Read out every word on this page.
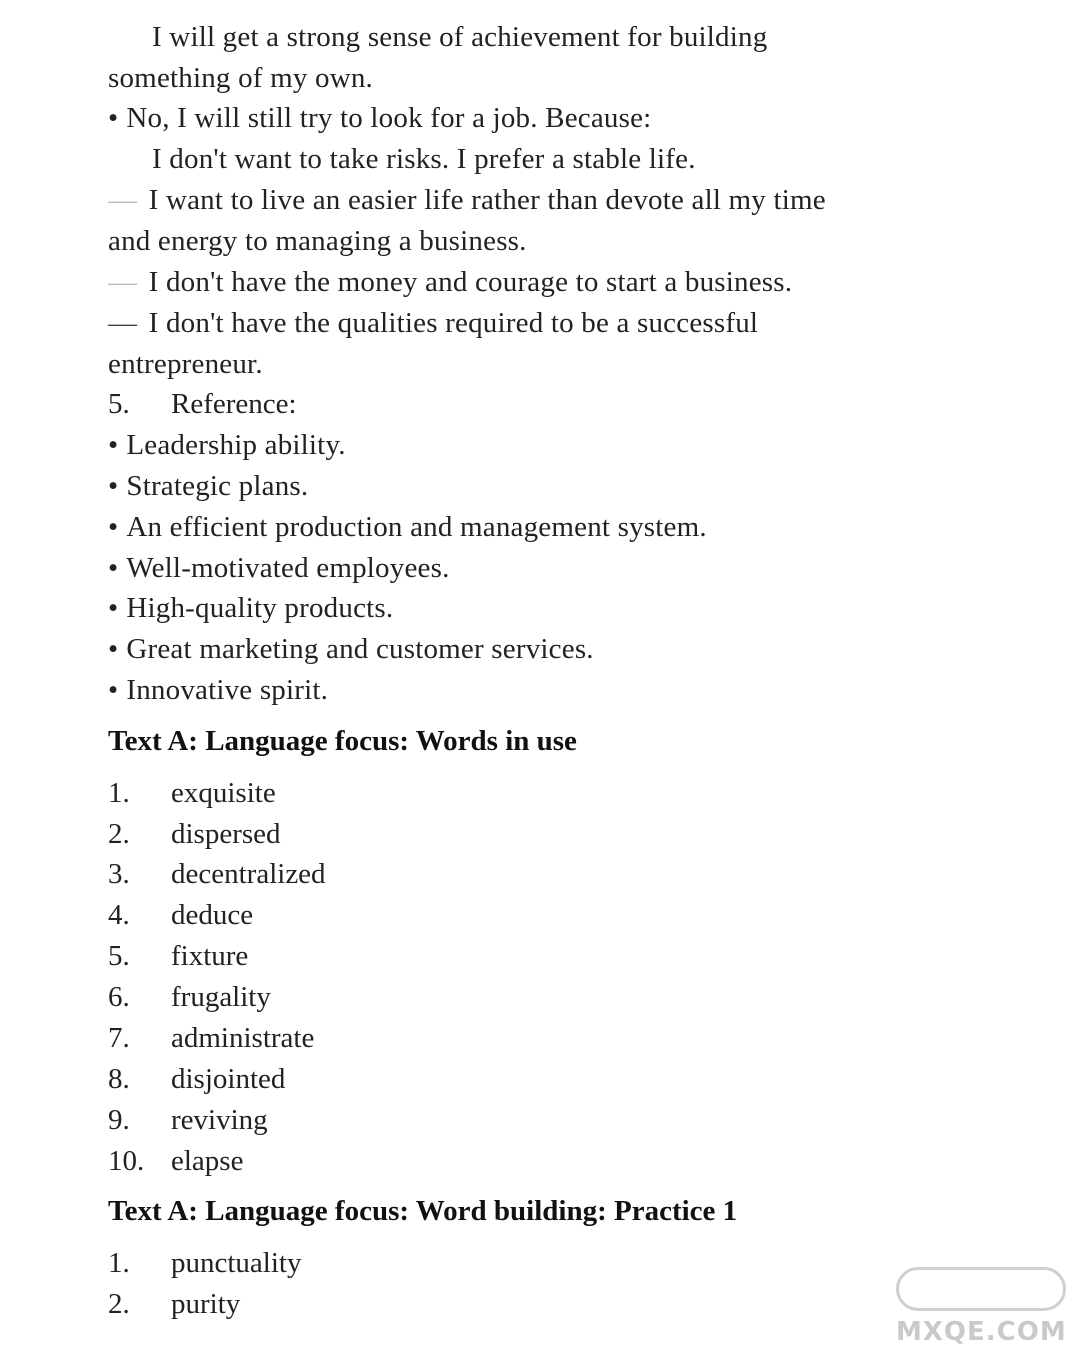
I will get a strong sense of achievement for building
something of my own.
• No, I will still try to look for a job. Because:
I don't want to take risks. I prefer a stable life.
— I want to live an easier life rather than devote all my time
and energy to managing a business.
— I don't have the money and courage to start a business.
— I don't have the qualities required to be a successful
entrepreneur.
5.	Reference:
• Leadership ability.
• Strategic plans.
• An efficient production and management system.
• Well-motivated employees.
• High-quality products.
• Great marketing and customer services.
• Innovative spirit.
Text A: Language focus: Words in use
1.	exquisite
2.	dispersed
3.	decentralized
4.	deduce
5.	fixture
6.	frugality
7.	administrate
8.	disjointed
9.	reviving
10. elapse
Text A: Language focus: Word building: Practice 1
1.	punctuality
2.	purity
MXQE.COM
